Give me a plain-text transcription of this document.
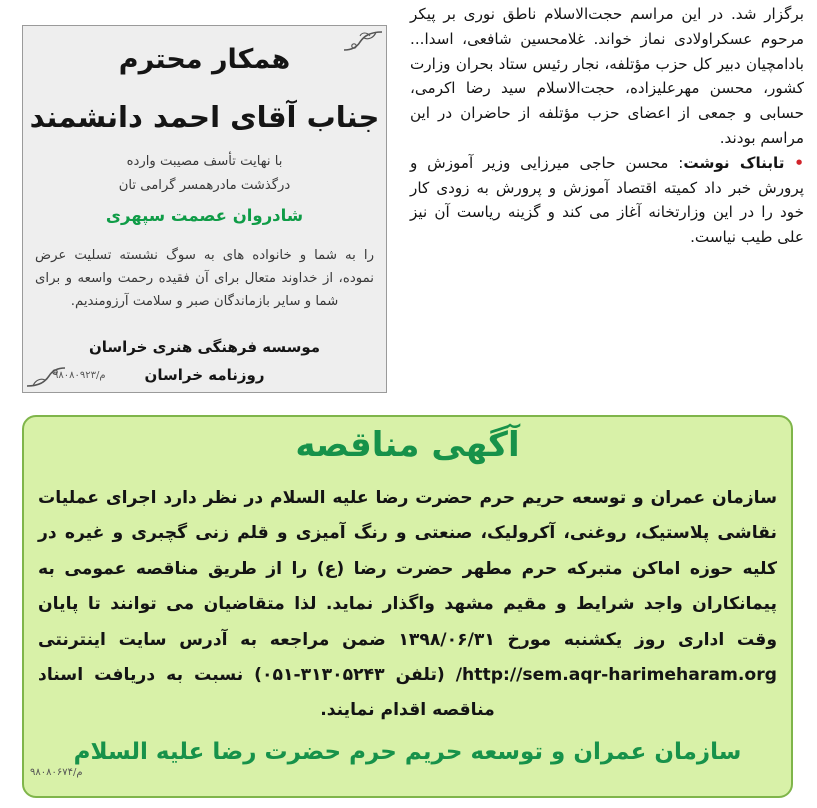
برگزار شد. در این مراسم حجت‌الاسلام ناطق نوری بر پیکر مرحوم عسکراولادی نماز خواند. غلامحسین شافعی، اسدا... بادامچیان دبیر کل حزب مؤتلفه، نجار رئیس ستاد بحران وزارت کشور، محسن مهرعلیزاده، حجت‌الاسلام سید رضا اکرمی، حسابی و جمعی از اعضای حزب مؤتلفه از حاضران در این مراسم بودند.

• تابناک نوشت: محسن حاجی میرزایی وزیر آموزش و پرورش خبر داد کمیته اقتصاد آموزش و پرورش به زودی کار خود را در این وزارتخانه آغاز می کند و گزینه ریاست آن نیز علی طیب نیاست.

همکار محترم
جناب آقای احمد دانشمند
با نهایت تأسف مصیبت وارده
درگذشت مادرهمسر گرامی تان
شادروان عصمت سپهری
را به شما و خانواده های به سوگ نشسته تسلیت عرض نموده، از خداوند متعال برای آن فقیده رحمت واسعه و برای شما و سایر بازماندگان صبر و سلامت آرزومندیم.
موسسه فرهنگی هنری خراسان
روزنامه خراسان
م/۹۸۰۸۰۹۲۳
آگهی مناقصه
سازمان عمران و توسعه حریم حرم حضرت رضا علیه السلام در نظر دارد اجرای عملیات نقاشی پلاستیک، روغنی، آکرولیک، صنعتی و رنگ آمیزی و قلم زنی گچبری و غیره در کلیه حوزه اماکن متبرکه حرم مطهر حضرت رضا (ع) را از طریق مناقصه عمومی به پیمانکاران واجد شرایط و مقیم مشهد واگذار نماید. لذا متقاضیان می توانند تا پایان وقت اداری روز یکشنبه مورخ ۱۳۹۸/۰۶/۳۱ ضمن مراجعه به آدرس سایت اینترنتی http://sem.aqr-harimeharam.org/ (تلفن ۳۱۳۰۵۲۴۳-۰۵۱) نسبت به دریافت اسناد مناقصه اقدام نمایند.
سازمان عمران و توسعه حریم حرم حضرت رضا علیه السلام
م/۹۸۰۸۰۶۷۴
